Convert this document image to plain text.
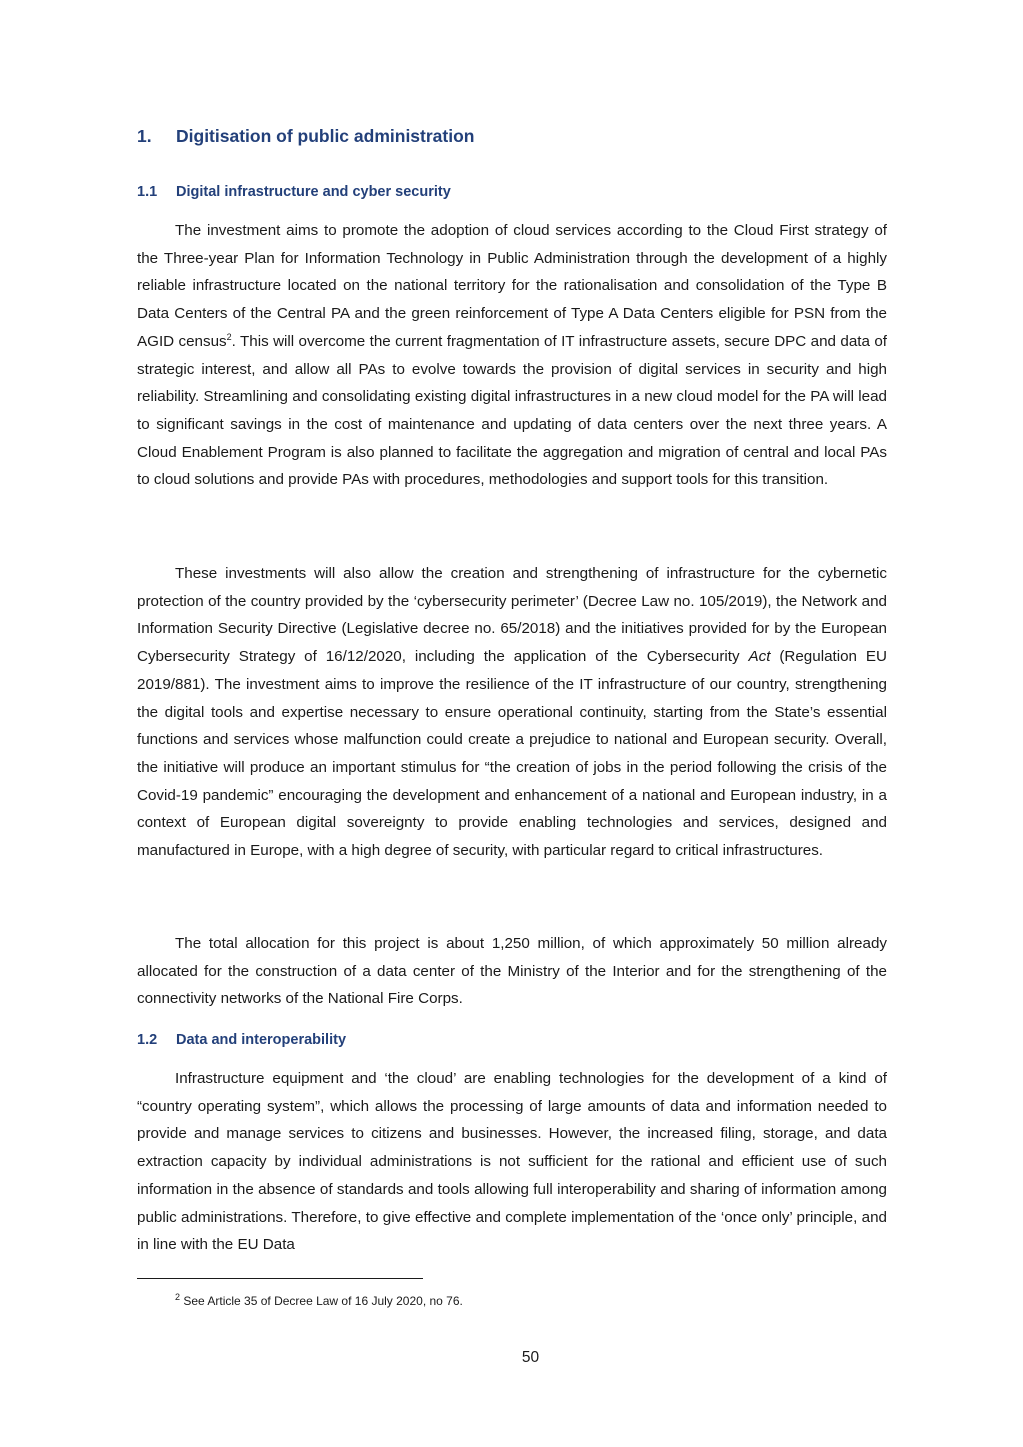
1. Digitisation of public administration
1.1 Digital infrastructure and cyber security

The investment aims to promote the adoption of cloud services according to the Cloud First strategy of the Three-year Plan for Information Technology in Public Administration through the development of a highly reliable infrastructure located on the national territory for the rationalisation and consolidation of the Type B Data Centers of the Central PA and the green reinforcement of Type A Data Centers eligible for PSN from the AGID census$^2$. This will overcome the current fragmentation of IT infrastructure assets, secure DPC and data of strategic interest, and allow all PAs to evolve towards the provision of digital services in security and high reliability. Streamlining and consolidating existing digital infrastructures in a new cloud model for the PA will lead to significant savings in the cost of maintenance and updating of data centers over the next three years. A Cloud Enablement Program is also planned to facilitate the aggregation and migration of central and local PAs to cloud solutions and provide PAs with procedures, methodologies and support tools for this transition.

These investments will also allow the creation and strengthening of infrastructure for the cybernetic protection of the country provided by the ‘cybersecurity perimeter’ (Decree Law no. 105/2019), the Network and Information Security Directive (Legislative decree no. 65/2018) and the initiatives provided for by the European Cybersecurity Strategy of 16/12/2020, including the application of the Cybersecurity Act (Regulation EU 2019/881). The investment aims to improve the resilience of the IT infrastructure of our country, strengthening the digital tools and expertise necessary to ensure operational continuity, starting from the State’s essential functions and services whose malfunction could create a prejudice to national and European security. Overall, the initiative will produce an important stimulus for “the creation of jobs in the period following the crisis of the Covid-19 pandemic” encouraging the development and enhancement of a national and European industry, in a context of European digital sovereignty to provide enabling technologies and services, designed and manufactured in Europe, with a high degree of security, with particular regard to critical infrastructures.

The total allocation for this project is about 1,250 million, of which approximately 50 million already allocated for the construction of a data center of the Ministry of the Interior and for the strengthening of the connectivity networks of the National Fire Corps.

1.2 Data and interoperability

Infrastructure equipment and ‘the cloud’ are enabling technologies for the development of a kind of “country operating system”, which allows the processing of large amounts of data and information needed to provide and manage services to citizens and businesses. However, the increased filing, storage, and data extraction capacity by individual administrations is not sufficient for the rational and efficient use of such information in the absence of standards and tools allowing full interoperability and sharing of information among public administrations. Therefore, to give effective and complete implementation of the ‘once only’ principle, and in line with the EU Data

$^2$ See Article 35 of Decree Law of 16 July 2020, no 76.
50
